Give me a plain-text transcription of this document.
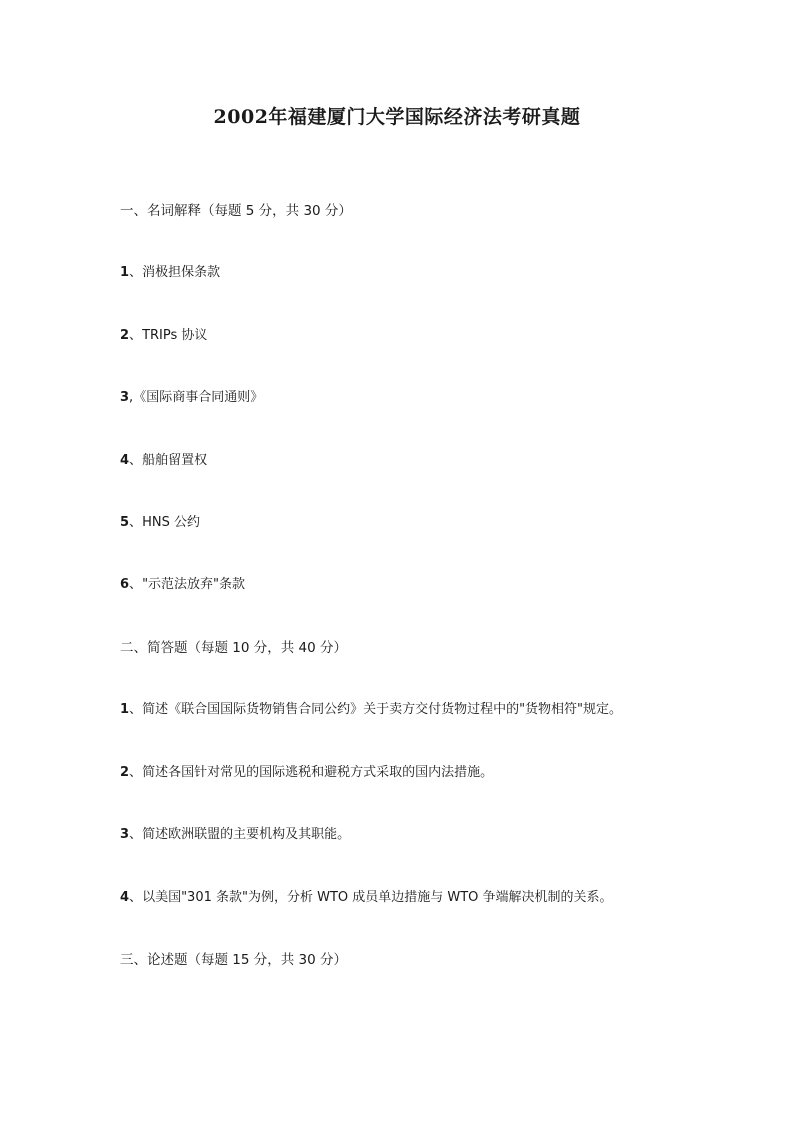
2002年福建厦门大学国际经济法考研真题
一、名词解释（每题 5 分，共 30 分）
1、消极担保条款
2、TRIPs 协议
3,《国际商事合同通则》
4、船舶留置权
5、HNS 公约
6、"示范法放弃"条款
二、简答题（每题 10 分，共 40 分）
1、简述《联合国国际货物销售合同公约》关于卖方交付货物过程中的"货物相符"规定。
2、简述各国针对常见的国际逃税和避税方式采取的国内法措施。
3、简述欧洲联盟的主要机构及其职能。
4、以美国"301 条款"为例，分析 WTO 成员单边措施与 WTO 争端解决机制的关系。
三、论述题（每题 15 分，共 30 分）
